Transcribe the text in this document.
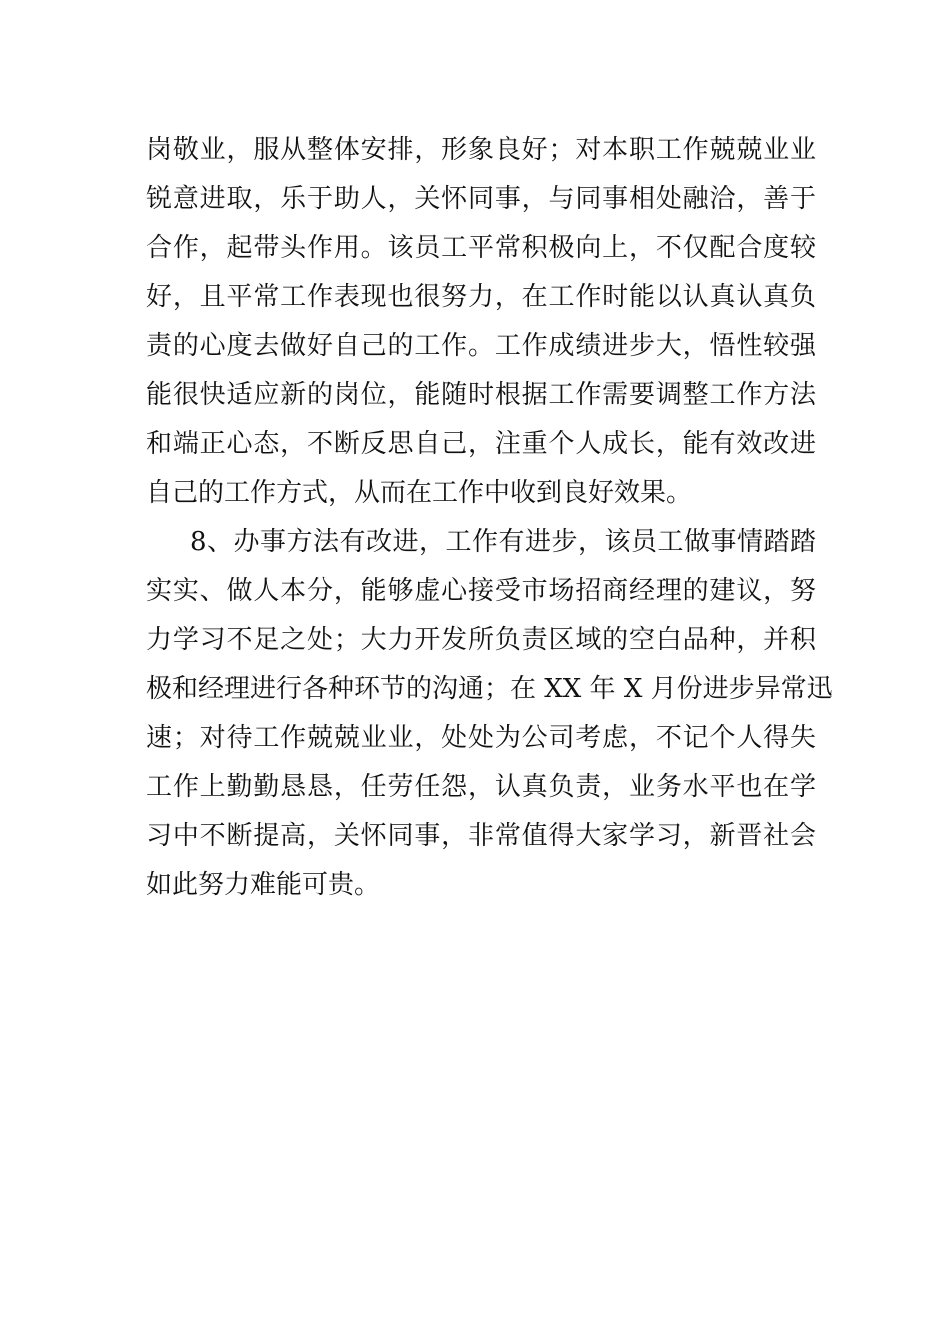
岗敬业，服从整体安排，形象良好；对本职工作兢兢业业
锐意进取，乐于助人，关怀同事，与同事相处融洽，善于
合作，起带头作用。该员工平常积极向上，不仅配合度较
好，且平常工作表现也很努力，在工作时能以认真认真负
责的心度去做好自己的工作。工作成绩进步大，悟性较强
能很快适应新的岗位，能随时根据工作需要调整工作方法
和端正心态，不断反思自己，注重个人成长，能有效改进
自己的工作方式，从而在工作中收到良好效果。
8、办事方法有改进，工作有进步，该员工做事情踏踏
实实、做人本分，能够虚心接受市场招商经理的建议，努
力学习不足之处；大力开发所负责区域的空白品种，并积
极和经理进行各种环节的沟通；在 XX 年 X 月份进步异常迅
速；对待工作兢兢业业，处处为公司考虑，不记个人得失
工作上勤勤恳恳，任劳任怨，认真负责，业务水平也在学
习中不断提高，关怀同事，非常值得大家学习，新晋社会
如此努力难能可贵。
